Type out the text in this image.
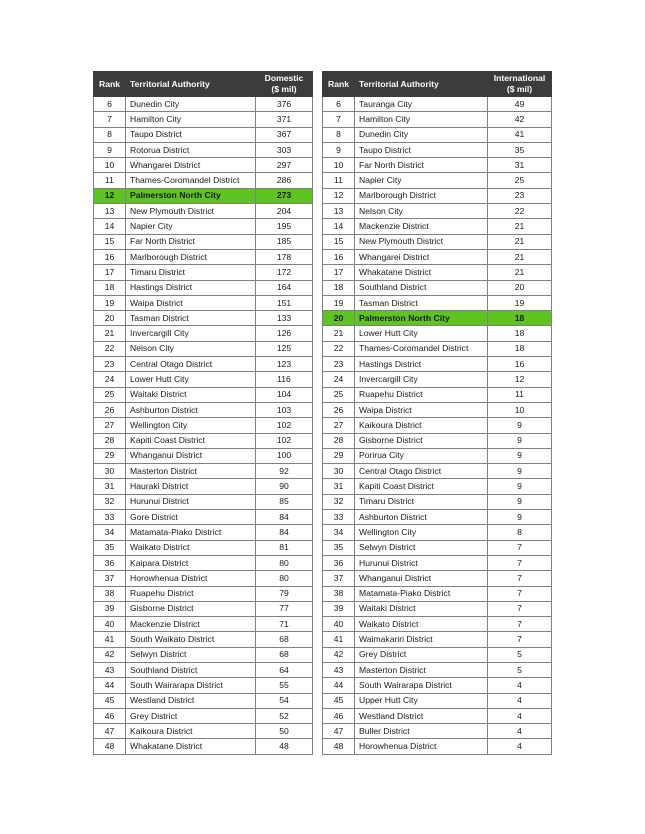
Rank	Territorial Authority	Domestic
($ mil)
6	Dunedin City	376
7	Hamilton City	371
8	Taupo District	367
9	Rotorua District	303
10	Whangarei District	297
11	Thames-Coromandel District	286
12	Palmerston North City	273
13	New Plymouth District	204
14	Napier City	195
15	Far North District	185
16	Marlborough District	178
17	Timaru District	172
18	Hastings District	164
19	Waipa District	151
20	Tasman District	133
21	Invercargill City	126
22	Nelson City	125
23	Central Otago District	123
24	Lower Hutt City	116
25	Waitaki District	104
26	Ashburton District	103
27	Wellington City	102
28	Kapiti Coast District	102
29	Whanganui District	100
30	Masterton District	92
31	Hauraki District	90
32	Hurunui District	85
33	Gore District	84
34	Matamata-Piako District	84
35	Waikato District	81
36	Kaipara District	80
37	Horowhenua District	80
38	Ruapehu District	79
39	Gisborne District	77
40	Mackenzie District	71
41	South Waikato District	68
42	Selwyn District	68
43	Southland District	64
44	South Wairarapa District	55
45	Westland District	54
46	Grey District	52
47	Kaikoura District	50
48	Whakatane District	48
Rank	Territorial Authority	International
($ mil)
6	Tauranga City	49
7	Hamilton City	42
8	Dunedin City	41
9	Taupo District	35
10	Far North District	31
11	Napier City	25
12	Marlborough District	23
13	Nelson City	22
14	Mackenzie District	21
15	New Plymouth District	21
16	Whangarei District	21
17	Whakatane District	21
18	Southland District	20
19	Tasman District	19
20	Palmerston North City	18
21	Lower Hutt City	18
22	Thames-Coromandel District	18
23	Hastings District	16
24	Invercargill City	12
25	Ruapehu District	11
26	Waipa District	10
27	Kaikoura District	9
28	Gisborne District	9
29	Porirua City	9
30	Central Otago District	9
31	Kapiti Coast District	9
32	Timaru District	9
33	Ashburton District	9
34	Wellington City	8
35	Selwyn District	7
36	Hurunui District	7
37	Whanganui District	7
38	Matamata-Piako District	7
39	Waitaki District	7
40	Waikato District	7
41	Waimakariri District	7
42	Grey District	5
43	Masterton District	5
44	South Wairarapa District	4
45	Upper Hutt City	4
46	Westland District	4
47	Buller District	4
48	Horowhenua District	4
